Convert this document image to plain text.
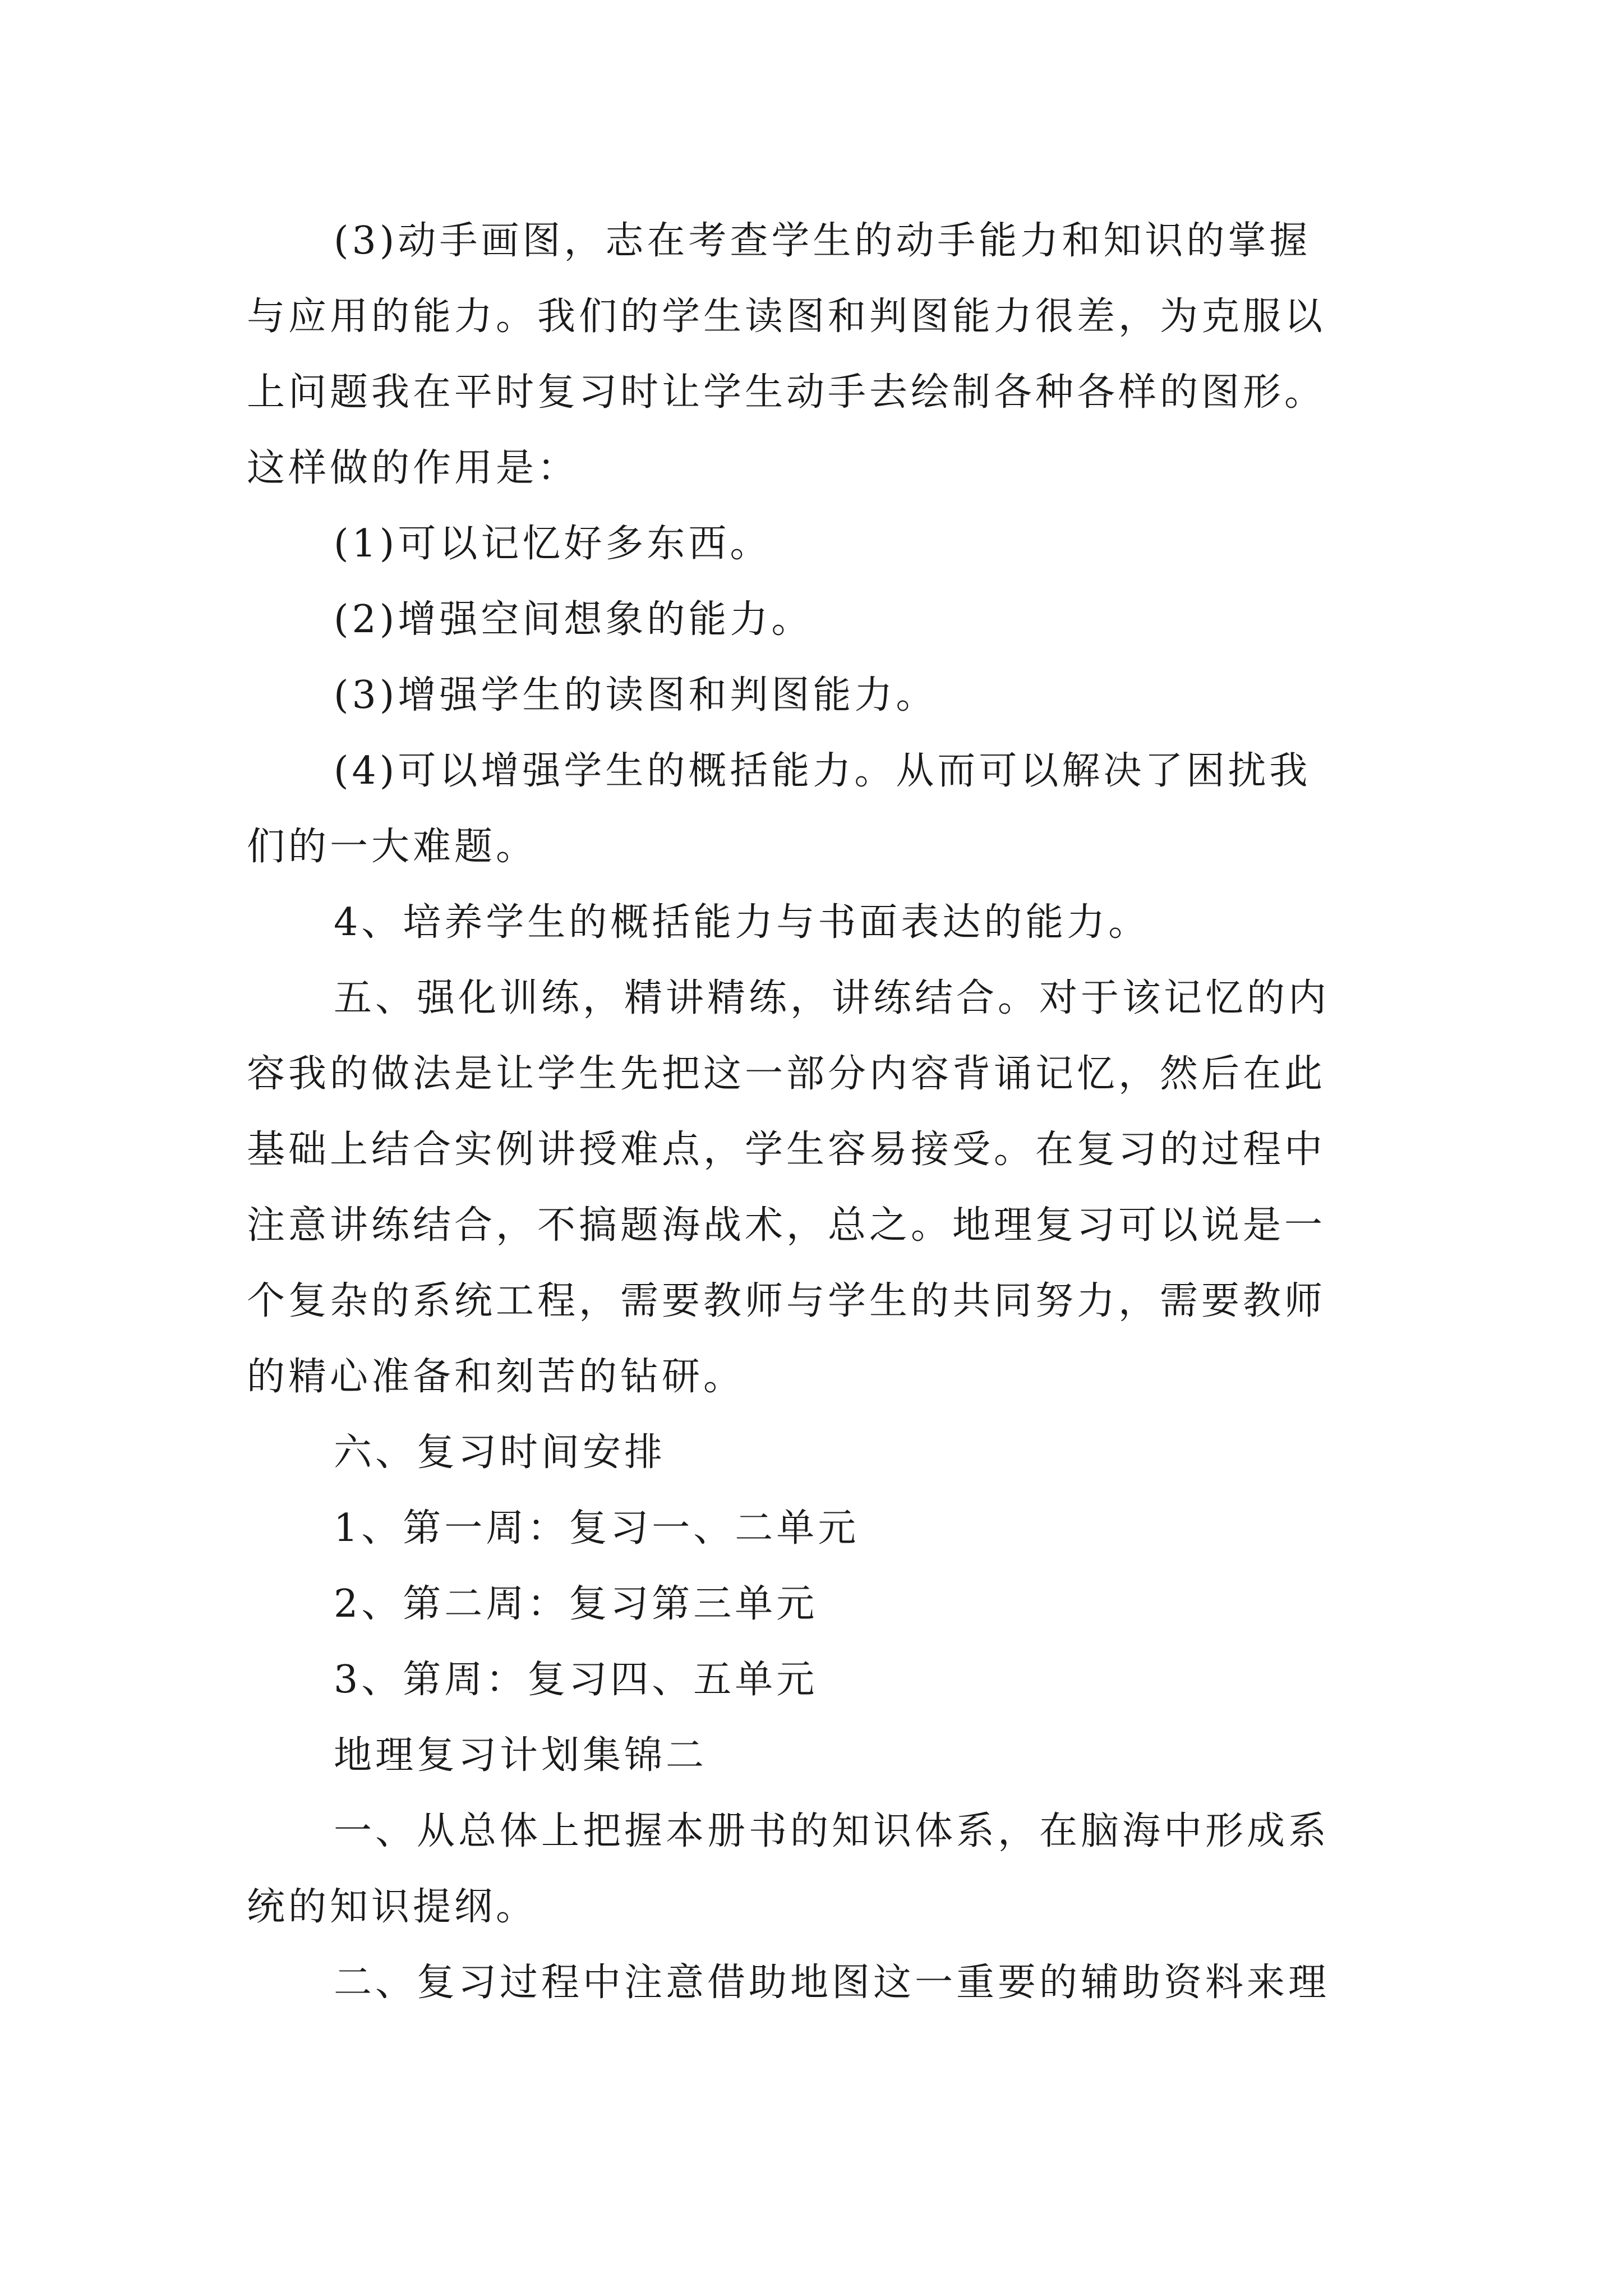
(3)动手画图，志在考查学生的动手能力和知识的掌握
与应用的能力。我们的学生读图和判图能力很差，为克服以
上问题我在平时复习时让学生动手去绘制各种各样的图形。
这样做的作用是：
(1)可以记忆好多东西。
(2)增强空间想象的能力。
(3)增强学生的读图和判图能力。
(4)可以增强学生的概括能力。从而可以解决了困扰我
们的一大难题。
4、培养学生的概括能力与书面表达的能力。
五、强化训练，精讲精练，讲练结合。对于该记忆的内
容我的做法是让学生先把这一部分内容背诵记忆，然后在此
基础上结合实例讲授难点，学生容易接受。在复习的过程中
注意讲练结合，不搞题海战术，总之。地理复习可以说是一
个复杂的系统工程，需要教师与学生的共同努力，需要教师
的精心准备和刻苦的钻研。
六、复习时间安排
1、第一周：复习一、二单元
2、第二周：复习第三单元
3、第周：复习四、五单元
地理复习计划集锦二
一、从总体上把握本册书的知识体系，在脑海中形成系
统的知识提纲。
二、复习过程中注意借助地图这一重要的辅助资料来理
